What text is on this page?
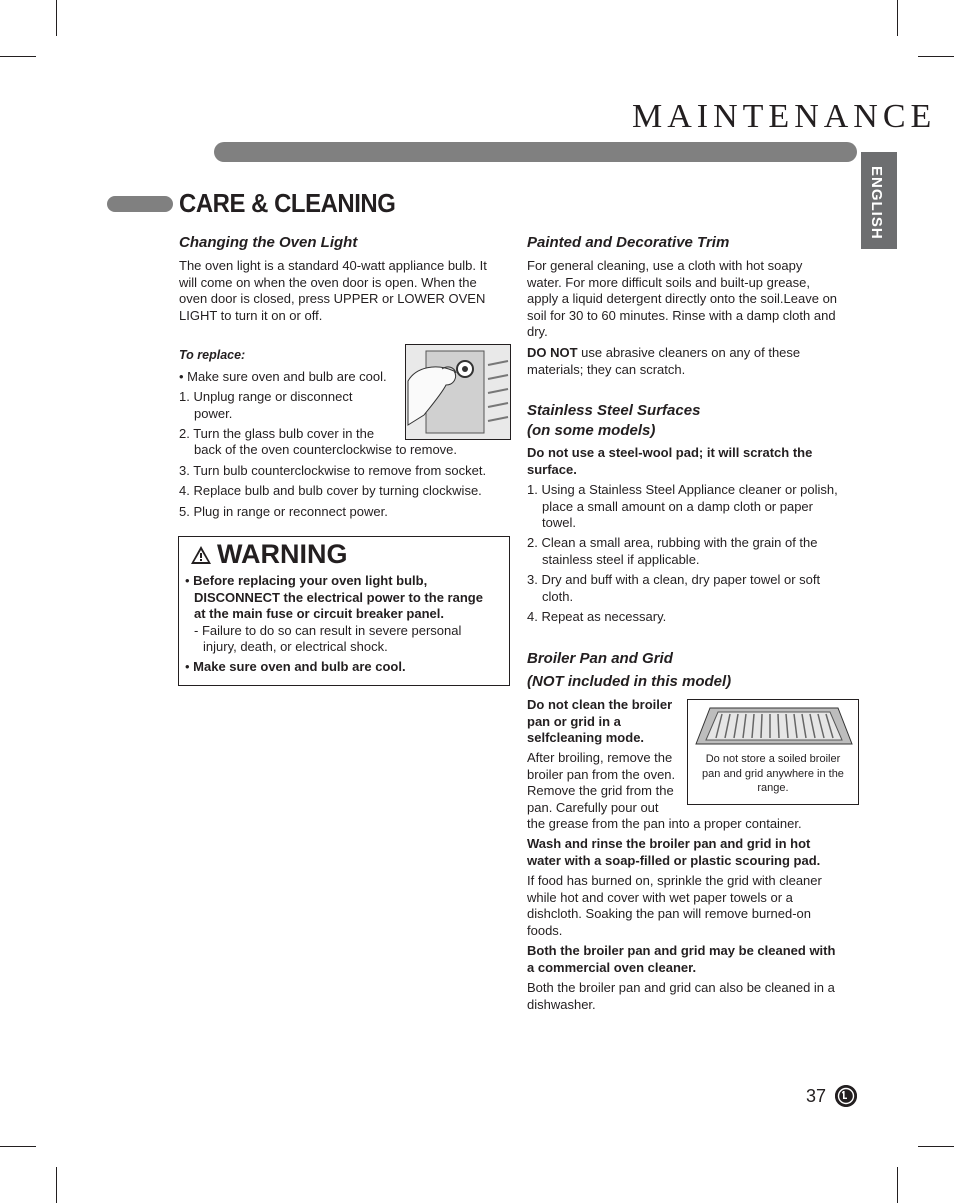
MAINTENANCE
ENGLISH
CARE & CLEANING
Changing the Oven Light
The oven light is a standard 40-watt appliance bulb. It
will come on when the oven door is open. When the
oven door is closed, press UPPER or LOWER OVEN
LIGHT to turn it on or off.
To replace:
• Make sure oven and bulb are cool.
1. Unplug range or disconnect
power.
2. Turn the glass bulb cover in the
back of the oven counterclockwise to remove.
3. Turn bulb counterclockwise to remove from socket.
4. Replace bulb and bulb cover by turning clockwise.
5. Plug in range or reconnect power.
WARNING
• Before replacing your oven light bulb,
DISCONNECT the electrical power to the range
at the main fuse or circuit breaker panel.
- Failure to do so can result in severe personal
injury, death, or electrical shock.
• Make sure oven and bulb are cool.
Painted and Decorative Trim
For general cleaning, use a cloth with hot soapy
water. For more difficult soils and built-up grease,
apply a liquid detergent directly onto the soil.Leave on
soil for 30 to 60 minutes. Rinse with a damp cloth and
dry.
DO NOT use abrasive cleaners on any of these
materials; they can scratch.
Stainless Steel Surfaces
(on some models)
Do not use a steel-wool pad; it will scratch the
surface.
1. Using a Stainless Steel Appliance cleaner or polish,
place a small amount on a damp cloth or paper
towel.
2. Clean a small area, rubbing with the grain of the
stainless steel if applicable.
3. Dry and buff with a clean, dry paper towel or soft
cloth.
4. Repeat as necessary.
Broiler Pan and Grid
(NOT included in this model)
Do not clean the broiler
pan or grid in a
selfcleaning mode.
After broiling, remove the
broiler pan from the oven.
Remove the grid from the
pan. Carefully pour out
the grease from the pan into a proper container.
Do not store a soiled broiler
pan and grid anywhere in the
range.
Wash and rinse the broiler pan and grid in hot
water with a soap-filled or plastic scouring pad.
If food has burned on, sprinkle the grid with cleaner
while hot and cover with wet paper towels or a
dishcloth. Soaking the pan will remove burned-on
foods.
Both the broiler pan and grid may be cleaned with
a commercial oven cleaner.
Both the broiler pan and grid can also be cleaned in a
dishwasher.
37
